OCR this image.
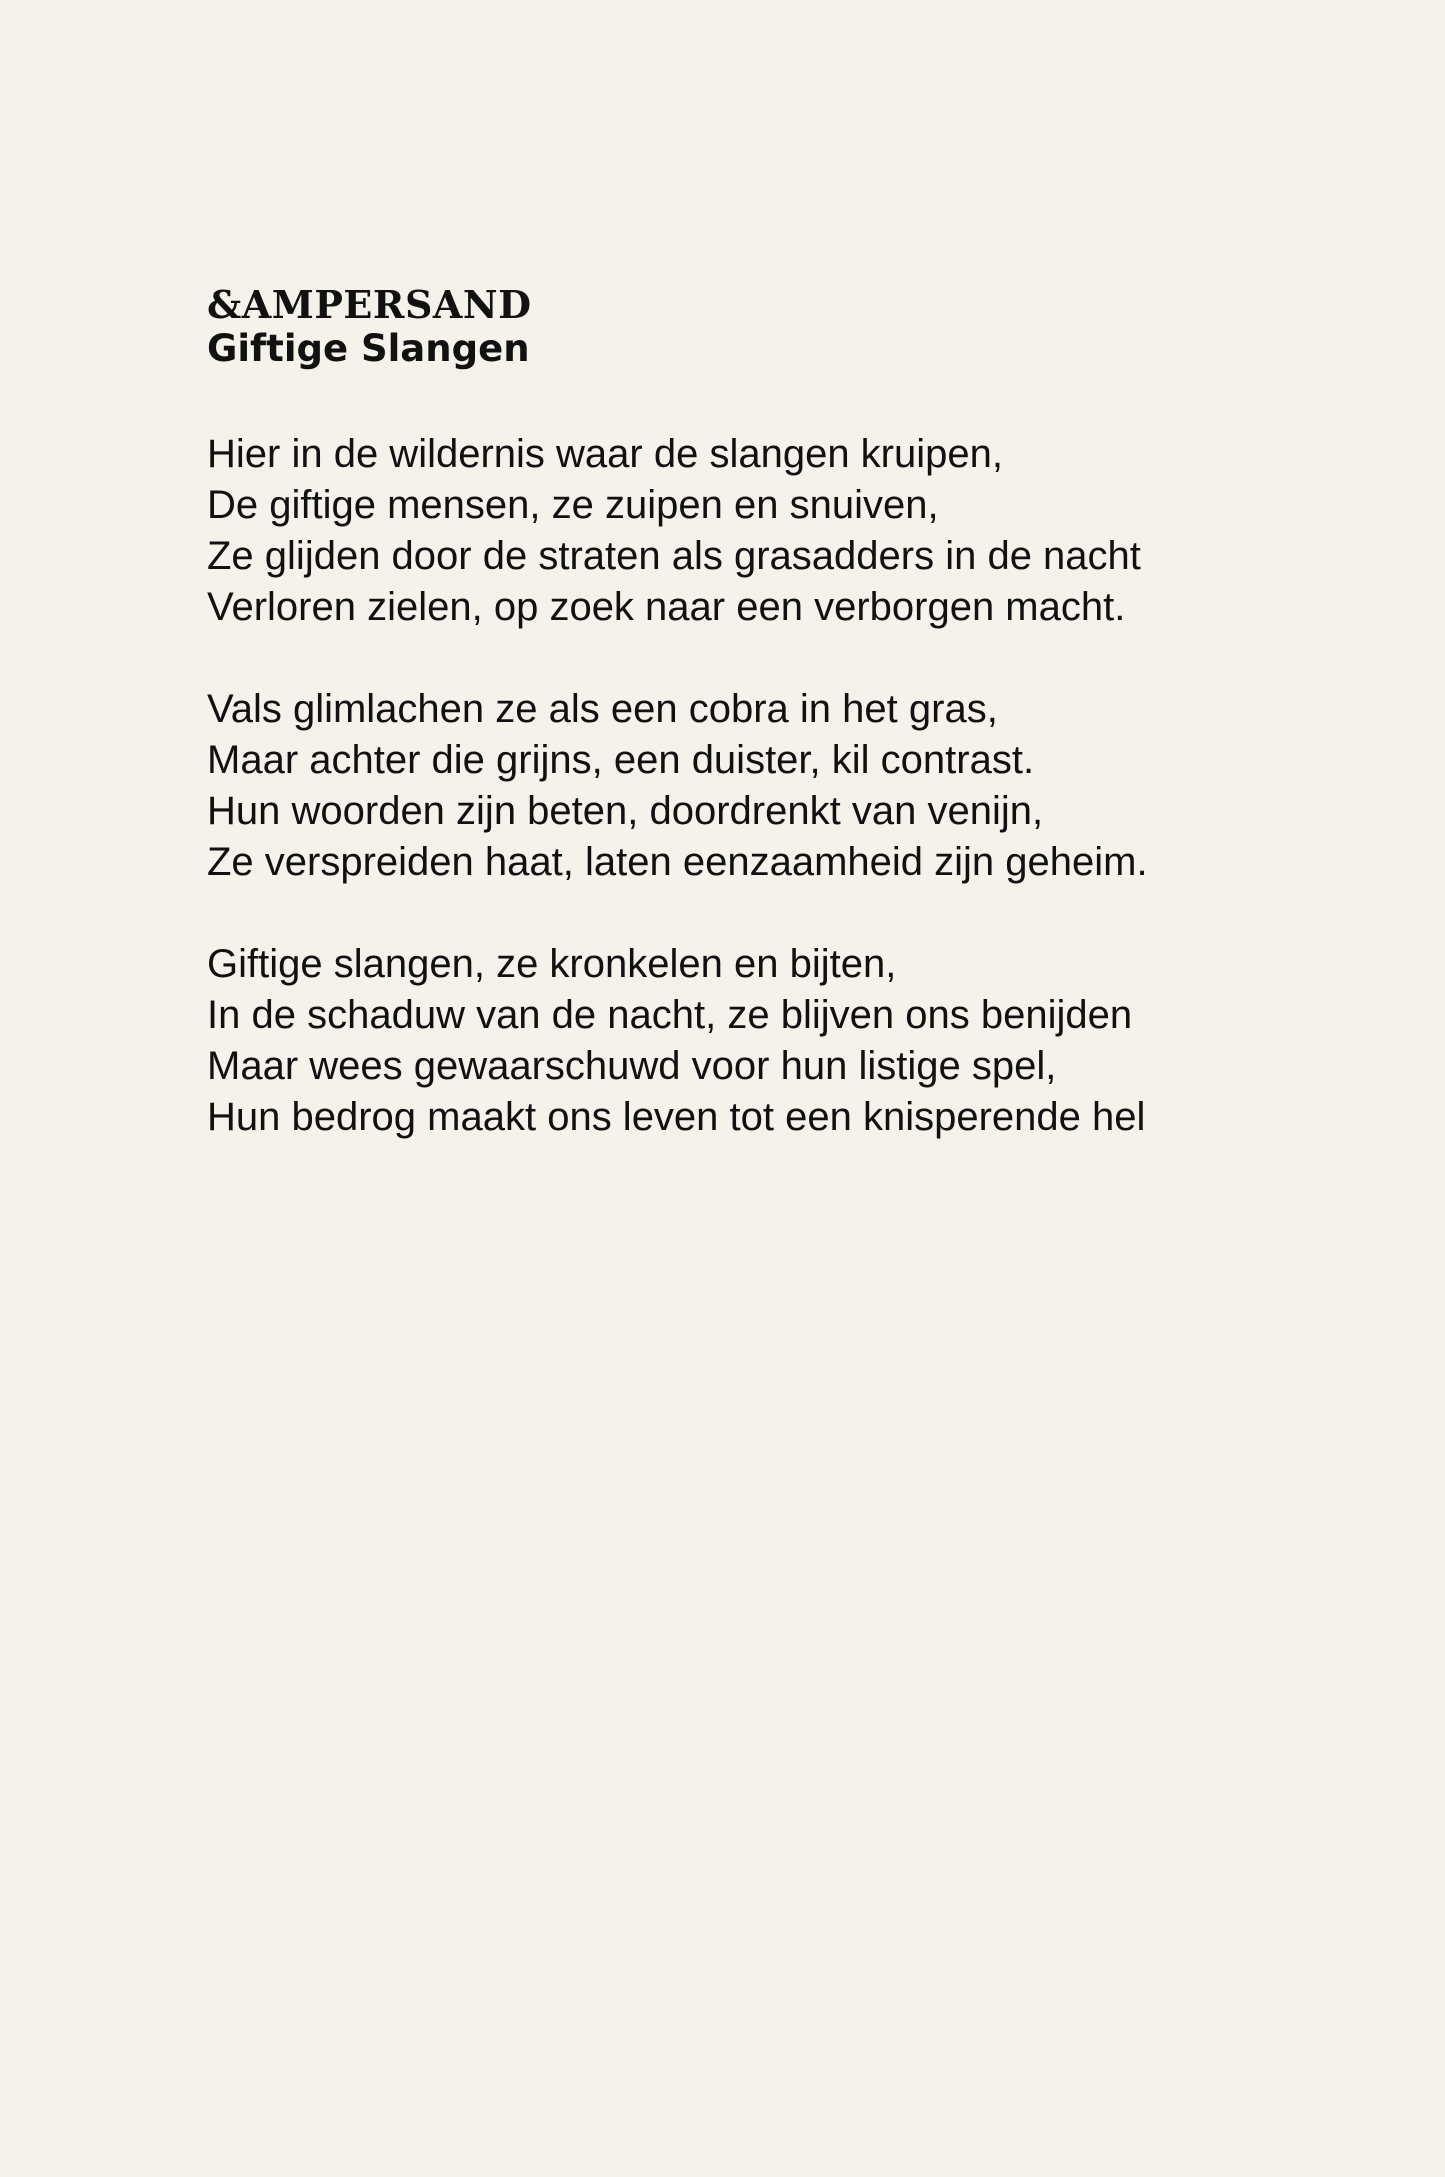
&AMPERSAND
Giftige Slangen
Hier in de wildernis waar de slangen kruipen,
De giftige mensen, ze zuipen en snuiven,
Ze glijden door de straten als grasadders in de nacht
Verloren zielen, op zoek naar een verborgen macht.
Vals glimlachen ze als een cobra in het gras,
Maar achter die grijns, een duister, kil contrast.
Hun woorden zijn beten, doordrenkt van venijn,
Ze verspreiden haat, laten eenzaamheid zijn geheim.
Giftige slangen, ze kronkelen en bijten,
In de schaduw van de nacht, ze blijven ons benijden
Maar wees gewaarschuwd voor hun listige spel,
Hun bedrog maakt ons leven tot een knisperende hel
